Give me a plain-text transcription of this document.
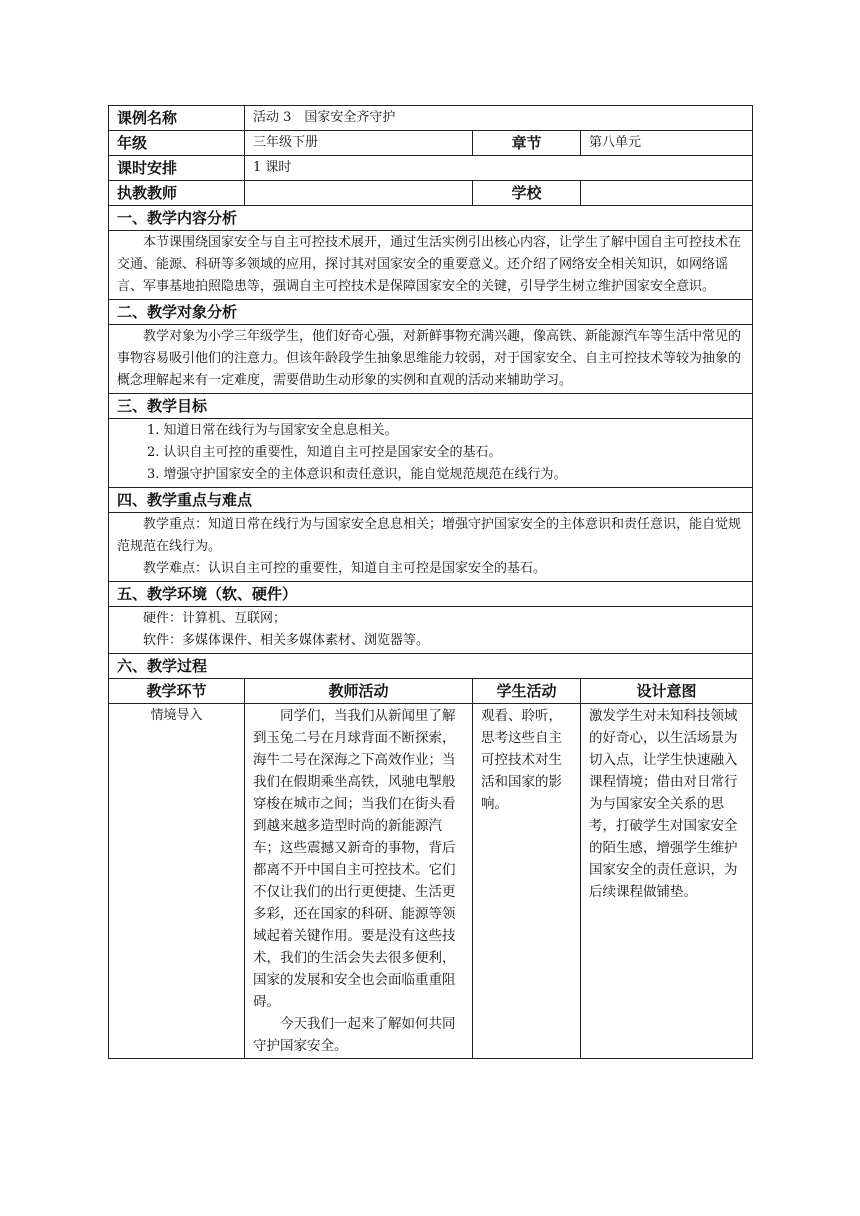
课例名称	活动 3　国家安全齐守护		
年级	三年级下册	章节	第八单元
课时安排	1 课时		
执教教师		学校	
一、教学内容分析			

本节课围绕国家安全与自主可控技术展开，通过生活实例引出核心内容，让学生了解中国自主可控技术在交通、能源、科研等多领域的应用，探讨其对国家安全的重要意义。还介绍了网络安全相关知识，如网络谣言、军事基地拍照隐患等，强调自主可控技术是保障国家安全的关键，引导学生树立维护国家安全意识。			

二、教学对象分析			

教学对象为小学三年级学生，他们好奇心强，对新鲜事物充满兴趣，像高铁、新能源汽车等生活中常见的事物容易吸引他们的注意力。但该年龄段学生抽象思维能力较弱，对于国家安全、自主可控技术等较为抽象的概念理解起来有一定难度，需要借助生动形象的实例和直观的活动来辅助学习。			

三、教学目标			

1. 知道日常在线行为与国家安全息息相关。

2. 认识自主可控的重要性，知道自主可控是国家安全的基石。

3. 增强守护国家安全的主体意识和责任意识，能自觉规范规范在线行为。			

四、教学重点与难点			

教学重点：知道日常在线行为与国家安全息息相关；增强守护国家安全的主体意识和责任意识，能自觉规范规范在线行为。

教学难点：认识自主可控的重要性，知道自主可控是国家安全的基石。			

五、教学环境（软、硬件）			

硬件：计算机、互联网；

软件：多媒体课件、相关多媒体素材、浏览器等。			

六、教学过程			
教学环节	教师活动	学生活动	设计意图
情境导入	同学们，当我们从新闻里了解到玉兔二号在月球背面不断探索，海牛二号在深海之下高效作业；当我们在假期乘坐高铁，风驰电掣般穿梭在城市之间；当我们在街头看到越来越多造型时尚的新能源汽车；这些震撼又新奇的事物，背后都离不开中国自主可控技术。它们不仅让我们的出行更便捷、生活更多彩，还在国家的科研、能源等领域起着关键作用。要是没有这些技术，我们的生活会失去很多便利，国家的发展和安全也会面临重重阻碍。

今天我们一起来了解如何共同守护国家安全。	观看、聆听，思考这些自主可控技术对生活和国家的影响。	激发学生对未知科技领域的好奇心，以生活场景为切入点，让学生快速融入课程情境；借由对日常行为与国家安全关系的思考，打破学生对国家安全的陌生感，增强学生维护国家安全的责任意识，为后续课程做铺垫。
